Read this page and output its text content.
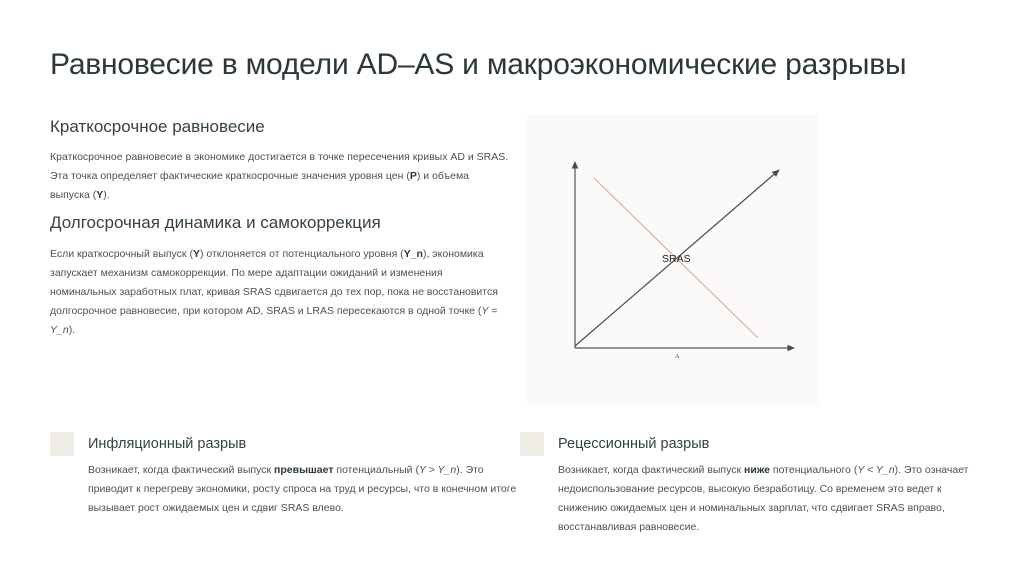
Равновесие в модели AD–AS и макроэкономические разрывы
Краткосрочное равновесие
Краткосрочное равновесие в экономике достигается в точке пересечения кривых AD и SRAS. Эта точка определяет фактические краткосрочные значения уровня цен (P) и объема выпуска (Y).
Долгосрочная динамика и самокоррекция
Если краткосрочный выпуск (Y) отклоняется от потенциального уровня (Y_n), экономика запускает механизм самокоррекции. По мере адаптации ожиданий и изменения номинальных заработных плат, кривая SRAS сдвигается до тех пор, пока не восстановится долгосрочное равновесие, при котором AD, SRAS и LRAS пересекаются в одной точке (Y = Y_n).
SRAS
A
Инфляционный разрыв
Возникает, когда фактический выпуск превышает потенциальный (Y > Y_n). Это приводит к перегреву экономики, росту спроса на труд и ресурсы, что в конечном итоге вызывает рост ожидаемых цен и сдвиг SRAS влево.
Рецессионный разрыв
Возникает, когда фактический выпуск ниже потенциального (Y < Y_n). Это означает недоиспользование ресурсов, высокую безработицу. Со временем это ведет к снижению ожидаемых цен и номинальных зарплат, что сдвигает SRAS вправо, восстанавливая равновесие.
